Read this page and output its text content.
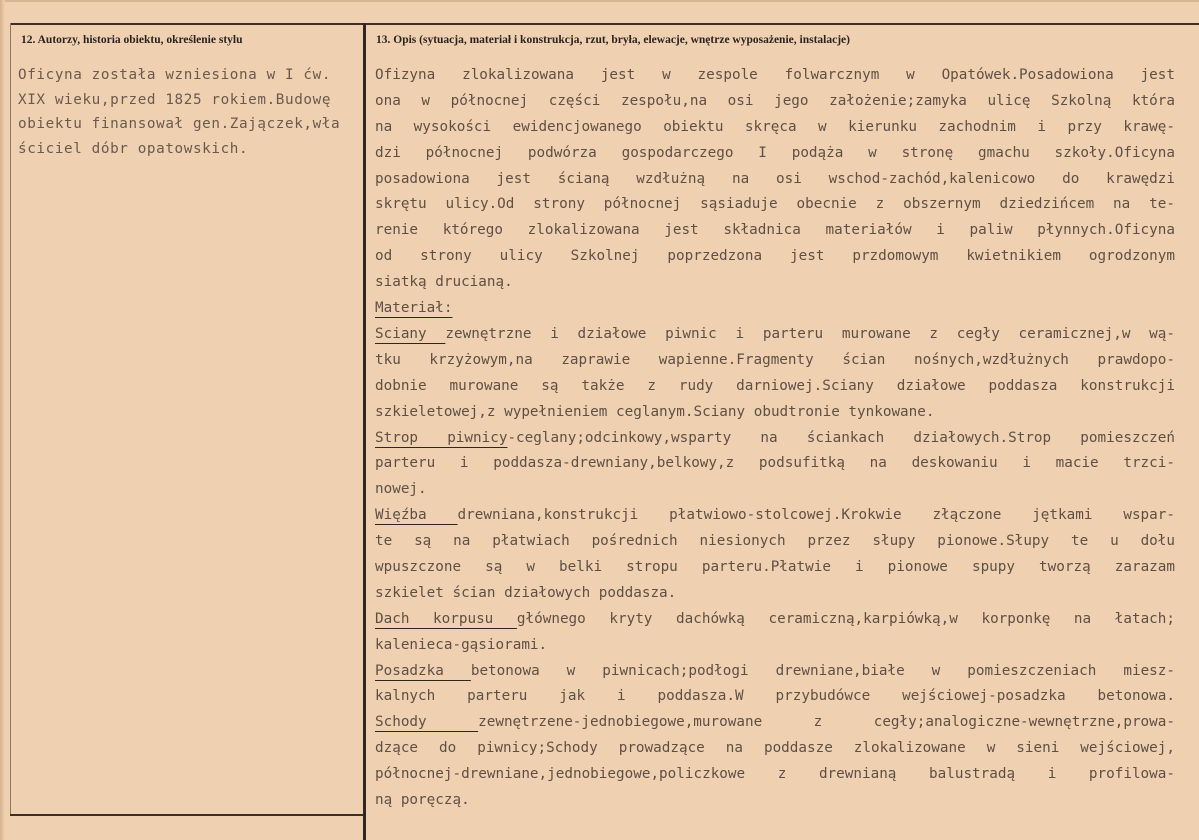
12. Autorzy, historia obiektu, określenie stylu	13. Opis (sytuacja, materiał i konstrukcja, rzut, bryła, elewacje, wnętrze wyposażenie, instalacje)
Oficyna została wzniesiona w I ćw.
XIX wieku,przed 1825 rokiem.Budowę
obiektu finansował gen.Zajączek,wła
ściciel dóbr opatowskich.
Ofizyna zlokalizowana jest w zespole folwarcznym w Opatówek.Posadowiona jest
ona w północnej części zespołu,na osi jego założenie;zamyka ulicę Szkolną która
na wysokości ewidencjowanego obiektu skręca w kierunku zachodnim i przy krawę-
dzi północnej podwórza gospodarczego I podąża w stronę gmachu szkoły.Oficyna
posadowiona jest ścianą wzdłużną na osi wschod-zachód,kalenicowo do krawędzi
skrętu ulicy.Od strony północnej sąsiaduje obecnie z obszernym dziedzińcem na te-
renie którego zlokalizowana jest składnica materiałów i paliw płynnych.Oficyna
od strony ulicy Szkolnej poprzedzona jest przdomowym kwietnikiem ogrodzonym
siatką drucianą.
Materiał:
Sciany zewnętrzne i działowe piwnic i parteru murowane z cegły ceramicznej,w wą-
tku krzyżowym,na zaprawie wapienne.Fragmenty ścian nośnych,wzdłużnych prawdopo-
dobnie murowane są także z rudy darniowej.Sciany działowe poddasza konstrukcji
szkieletowej,z wypełnieniem ceglanym.Sciany obudtronie tynkowane.
Strop piwnicy-ceglany;odcinkowy,wsparty na ściankach działowych.Strop pomieszczeń
parteru i poddasza-drewniany,belkowy,z podsufitką na deskowaniu i macie trzci-
nowej.
Więźba drewniana,konstrukcji płatwiowo-stolcowej.Krokwie złączone jętkami wspar-
te są na płatwiach pośrednich niesionych przez słupy pionowe.Słupy te u dołu
wpuszczone są w belki stropu parteru.Płatwie i pionowe spupy tworzą zarazam
szkielet ścian działowych poddasza.
Dach korpusu głównego kryty dachówką ceramiczną,karpiówką,w korponkę na łatach;
kalenieca-gąsiorami.
Posadzka betonowa w piwnicach;podłogi drewniane,białe w pomieszczeniach miesz-
kalnych parteru jak i poddasza.W przybudówce wejściowej-posadzka betonowa.
Schody zewnętrzene-jednobiegowe,murowane z cegły;analogiczne-wewnętrzne,prowa-
dzące do piwnicy;Schody prowadzące na poddasze zlokalizowane w sieni wejściowej,
północnej-drewniane,jednobiegowe,policzkowe z drewnianą balustradą i profilowa-
ną poręczą.
